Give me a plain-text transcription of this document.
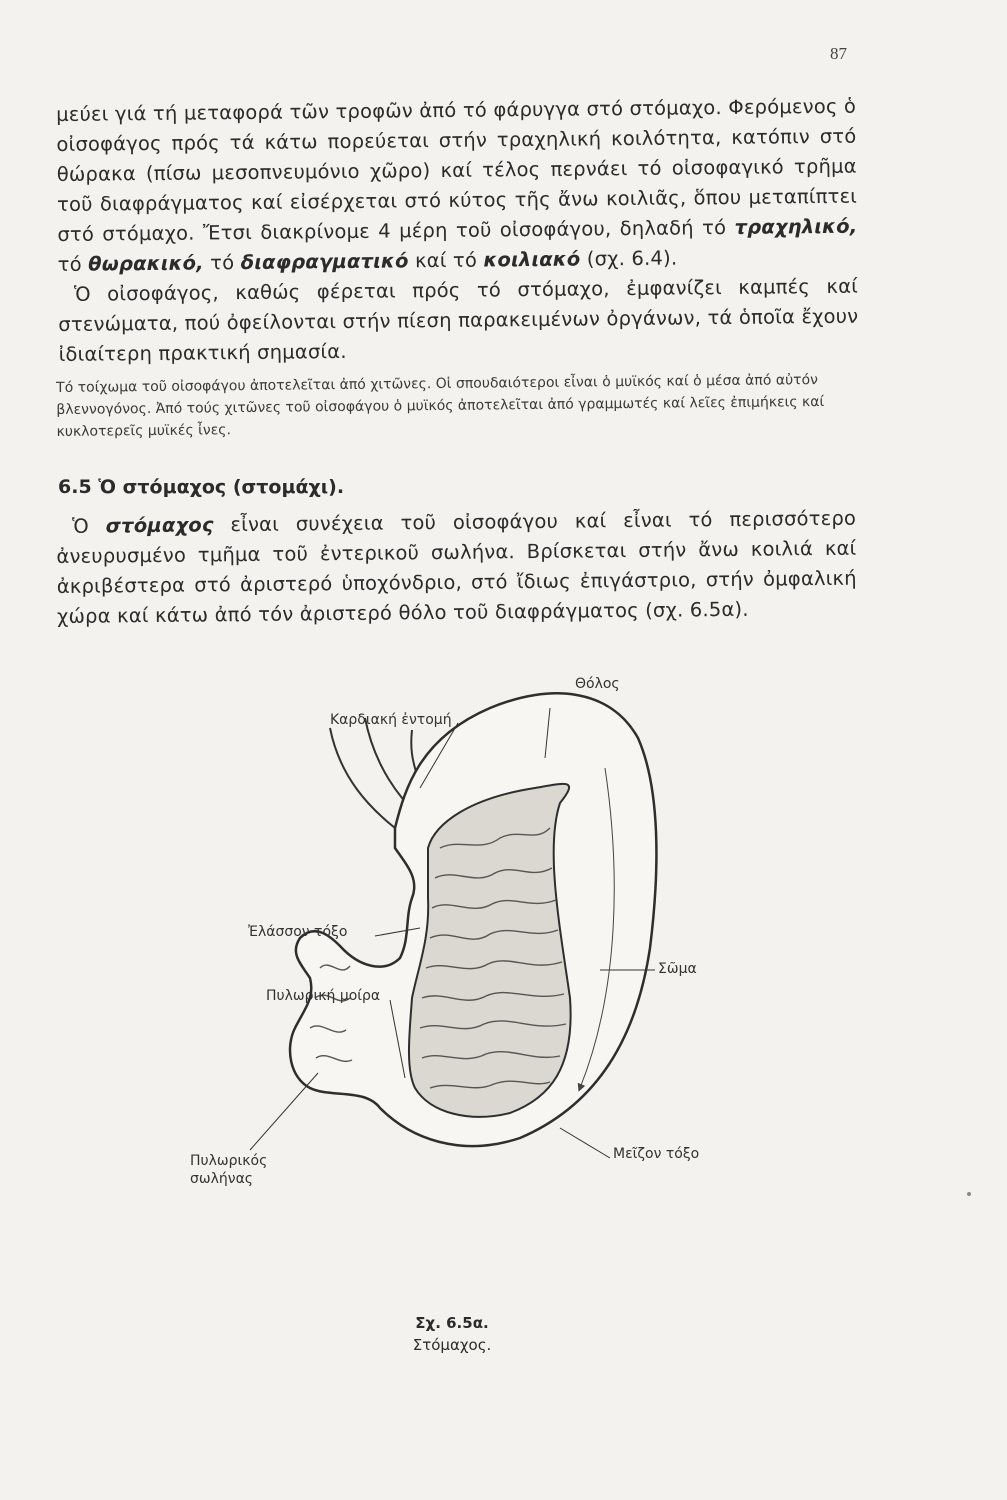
87

μεύει γιά τή μεταφορά τῶν τροφῶν ἀπό τό φάρυγγα στό στόμαχο. Φερόμενος ὁ οἰσοφάγος πρός τά κάτω πορεύεται στήν τραχηλική κοιλότητα, κατόπιν στό θώρακα (πίσω μεσοπνευμόνιο χῶρο) καί τέλος περνάει τό οἰσοφαγικό τρῆμα τοῦ διαφράγματος καί εἰσέρχεται στό κύτος τῆς ἄνω κοιλιᾶς, ὅπου μεταπίπτει στό στόμαχο. Ἔτσι διακρίνομε 4 μέρη τοῦ οἰσοφάγου, δηλαδή τό τραχηλικό, τό θωρακικό, τό διαφραγματικό καί τό κοιλιακό (σχ. 6.4).

Ὁ οἰσοφάγος, καθώς φέρεται πρός τό στόμαχο, ἐμφανίζει καμπές καί στενώματα, πού ὀφείλονται στήν πίεση παρακειμένων ὀργάνων, τά ὁποῖα ἔχουν ἰδιαίτερη πρακτική σημασία.

Τό τοίχωμα τοῦ οἰσοφάγου ἀποτελεῖται ἀπό χιτῶνες. Οἱ σπουδαιότεροι εἶναι ὁ μυϊκός καί ὁ μέσα ἀπό αὐτόν βλεννογόνος. Ἀπό τούς χιτῶνες τοῦ οἰσοφάγου ὁ μυϊκός ἀποτελεῖται ἀπό γραμμωτές καί λεῖες ἐπιμήκεις καί κυκλοτερεῖς μυϊκές ἶνες.

6.5 Ὁ στόμαχος (στομάχι).

Ὁ στόμαχος εἶναι συνέχεια τοῦ οἰσοφάγου καί εἶναι τό περισσότερο ἀνευρυσμένο τμῆμα τοῦ ἐντερικοῦ σωλήνα. Βρίσκεται στήν ἄνω κοιλιά καί ἀκριβέστερα στό ἀριστερό ὑποχόνδριο, στό ἴδιως ἐπιγάστριο, στήν ὀμφαλική χώρα καί κάτω ἀπό τόν ἀριστερό θόλο τοῦ διαφράγματος (σχ. 6.5α).

Θόλος
Καρδιακή ἐντομή
Ἐλάσσον τόξο
Σῶμα
Πυλωρική μοίρα
Μεῖζον τόξο
Πυλωρικός σωλήνας
Σχ. 6.5α.
Στόμαχος.
